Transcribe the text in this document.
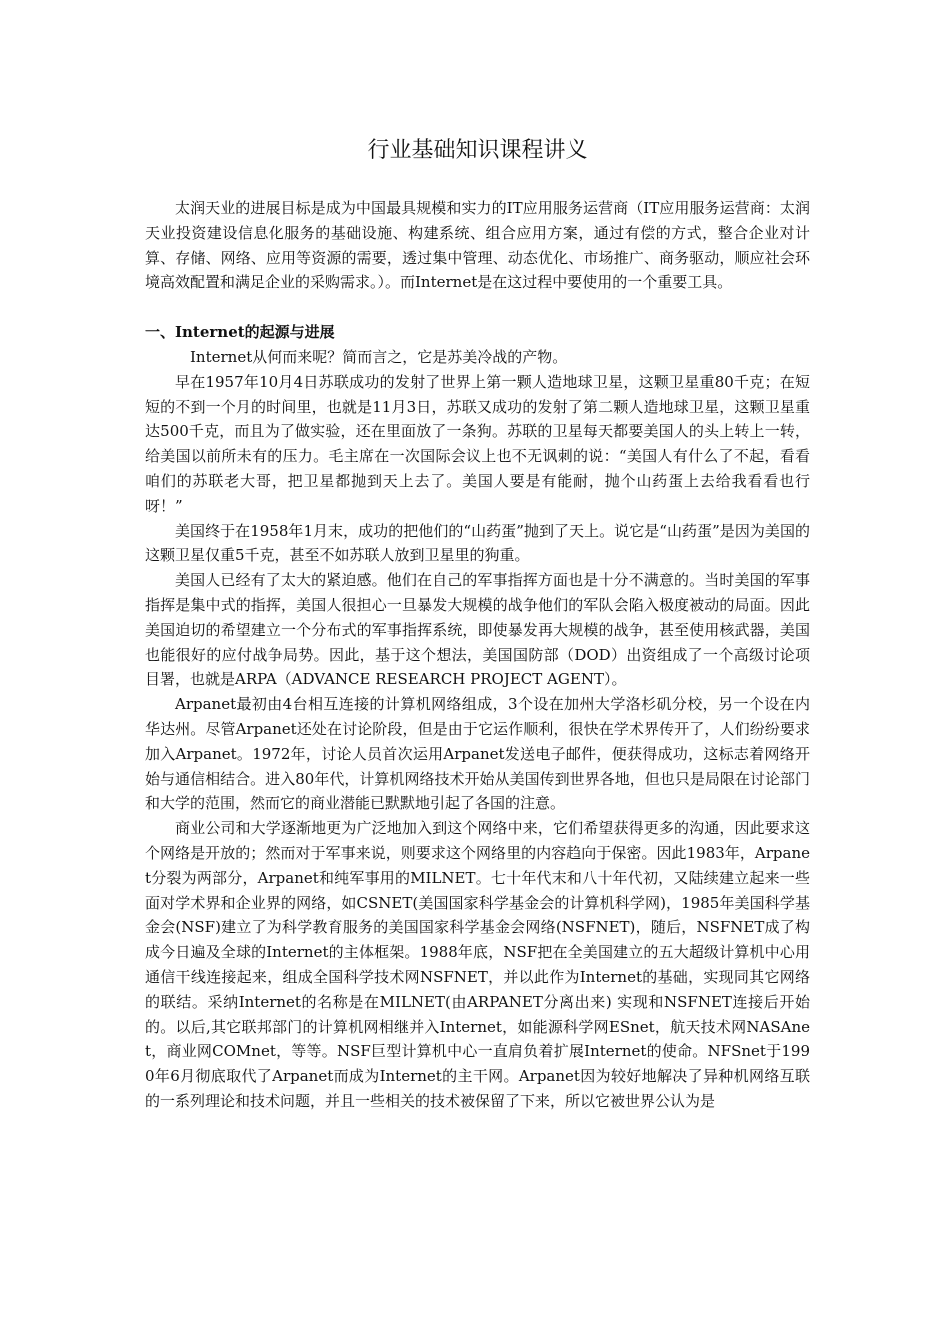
行业基础知识课程讲义

太润天业的进展目标是成为中国最具规模和实力的IT应用服务运营商（IT应用服务运营商：太润天业投资建设信息化服务的基础设施、构建系统、组合应用方案，通过有偿的方式，整合企业对计算、存储、网络、应用等资源的需要，透过集中管理、动态优化、市场推广、商务驱动，顺应社会环境高效配置和满足企业的采购需求。）。而Internet是在这过程中要使用的一个重要工具。

一、Internet的起源与进展

Internet从何而来呢？简而言之，它是苏美冷战的产物。

早在1957年10月4日苏联成功的发射了世界上第一颗人造地球卫星，这颗卫星重80千克；在短短的不到一个月的时间里，也就是11月3日，苏联又成功的发射了第二颗人造地球卫星，这颗卫星重达500千克，而且为了做实验，还在里面放了一条狗。苏联的卫星每天都要美国人的头上转上一转，给美国以前所未有的压力。毛主席在一次国际会议上也不无讽刺的说：“美国人有什么了不起，看看咱们的苏联老大哥，把卫星都抛到天上去了。美国人要是有能耐，抛个山药蛋上去给我看看也行呀！”

美国终于在1958年1月末，成功的把他们的“山药蛋”抛到了天上。说它是“山药蛋”是因为美国的这颗卫星仅重5千克，甚至不如苏联人放到卫星里的狗重。

美国人已经有了太大的紧迫感。他们在自己的军事指挥方面也是十分不满意的。当时美国的军事指挥是集中式的指挥，美国人很担心一旦暴发大规模的战争他们的军队会陷入极度被动的局面。因此美国迫切的希望建立一个分布式的军事指挥系统，即使暴发再大规模的战争，甚至使用核武器，美国也能很好的应付战争局势。因此，基于这个想法，美国国防部（DOD）出资组成了一个高级讨论项目署，也就是ARPA（ADVANCE RESEARCH PROJECT AGENT）。

Arpanet最初由4台相互连接的计算机网络组成，3个设在加州大学洛杉矶分校，另一个设在内华达州。尽管Arpanet还处在讨论阶段，但是由于它运作顺利，很快在学术界传开了，人们纷纷要求加入Arpanet。1972年，讨论人员首次运用Arpanet发送电子邮件，便获得成功，这标志着网络开始与通信相结合。进入80年代，计算机网络技术开始从美国传到世界各地，但也只是局限在讨论部门和大学的范围，然而它的商业潜能已默默地引起了各国的注意。

商业公司和大学逐渐地更为广泛地加入到这个网络中来，它们希望获得更多的沟通，因此要求这个网络是开放的；然而对于军事来说，则要求这个网络里的内容趋向于保密。因此1983年，Arpanet分裂为两部分，Arpanet和纯军事用的MILNET。七十年代末和八十年代初，又陆续建立起来一些面对学术界和企业界的网络，如CSNET(美国国家科学基金会的计算机科学网)，1985年美国科学基金会(NSF)建立了为科学教育服务的美国国家科学基金会网络(NSFNET)，随后，NSFNET成了构成今日遍及全球的Internet的主体框架。1988年底，NSF把在全美国建立的五大超级计算机中心用通信干线连接起来，组成全国科学技术网NSFNET，并以此作为Internet的基础，实现同其它网络的联结。采纳Internet的名称是在MILNET(由ARPANET分离出来) 实现和NSFNET连接后开始的。以后,其它联邦部门的计算机网相继并入Internet，如能源科学网ESnet，航天技术网NASAnet，商业网COMnet，等等。NSF巨型计算机中心一直肩负着扩展Internet的使命。NFSnet于1990年6月彻底取代了Arpanet而成为Internet的主干网。Arpanet因为较好地解决了异种机网络互联的一系列理论和技术问题，并且一些相关的技术被保留了下来，所以它被世界公认为是
